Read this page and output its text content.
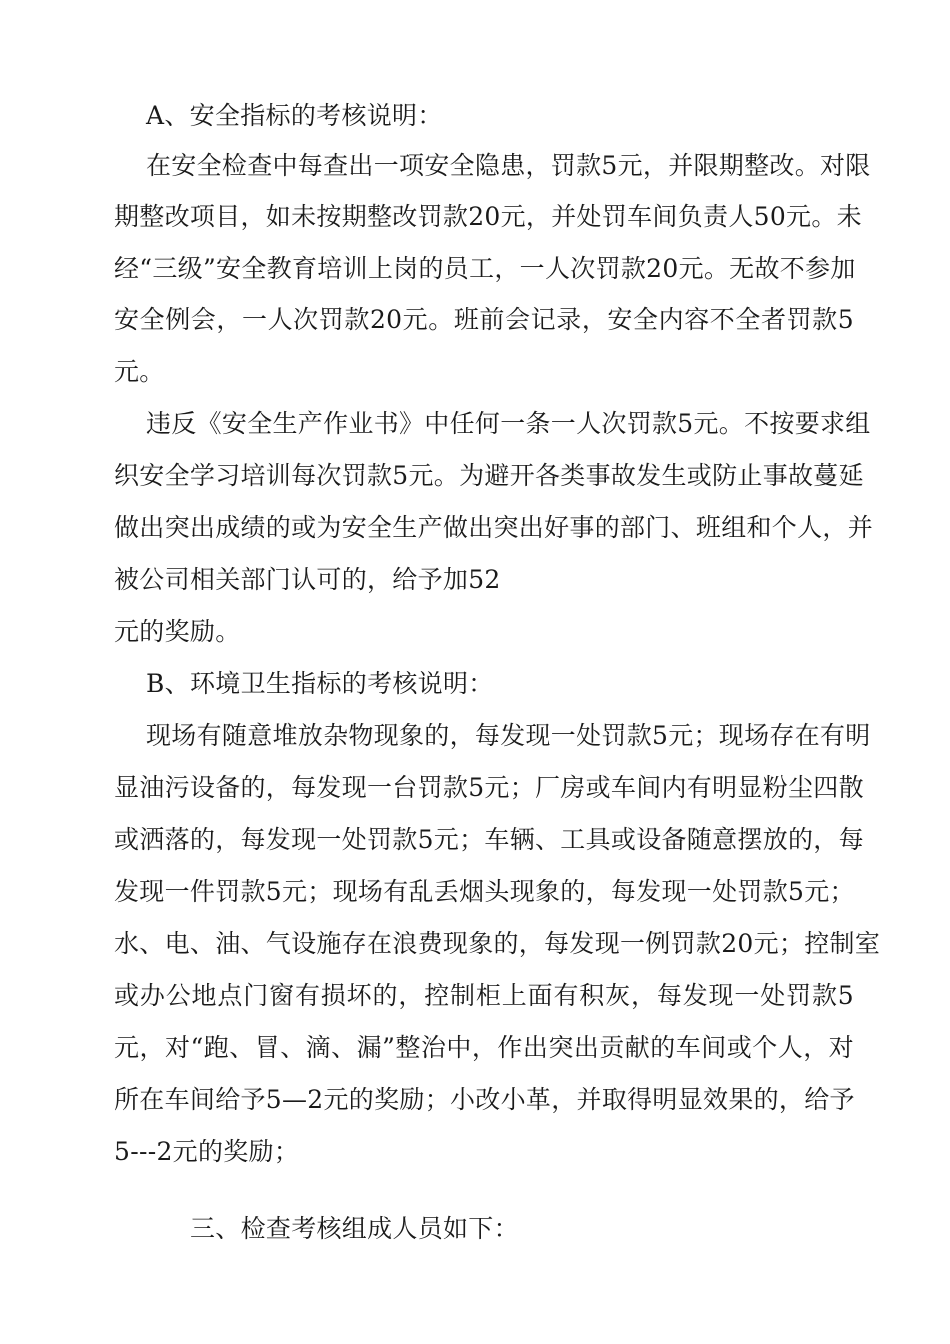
A、安全指标的考核说明：
在安全检查中每查出一项安全隐患，罚款5元，并限期整改。对限
期整改项目，如未按期整改罚款20元，并处罚车间负责人50元。未
经“三级”安全教育培训上岗的员工，一人次罚款20元。无故不参加
安全例会，一人次罚款20元。班前会记录，安全内容不全者罚款5
元。
违反《安全生产作业书》中任何一条一人次罚款5元。不按要求组
织安全学习培训每次罚款5元。为避开各类事故发生或防止事故蔓延
做出突出成绩的或为安全生产做出突出好事的部门、班组和个人，并
被公司相关部门认可的，给予加52
元的奖励。
B、环境卫生指标的考核说明：
现场有随意堆放杂物现象的，每发现一处罚款5元；现场存在有明
显油污设备的，每发现一台罚款5元；厂房或车间内有明显粉尘四散
或洒落的，每发现一处罚款5元；车辆、工具或设备随意摆放的，每
发现一件罚款5元；现场有乱丢烟头现象的，每发现一处罚款5元；
水、电、油、气设施存在浪费现象的，每发现一例罚款20元；控制室
或办公地点门窗有损坏的，控制柜上面有积灰，每发现一处罚款5
元，对“跑、冒、滴、漏”整治中，作出突出贡献的车间或个人，对
所在车间给予5—2元的奖励；小改小革，并取得明显效果的，给予
5---2元的奖励；
三、检查考核组成人员如下：
